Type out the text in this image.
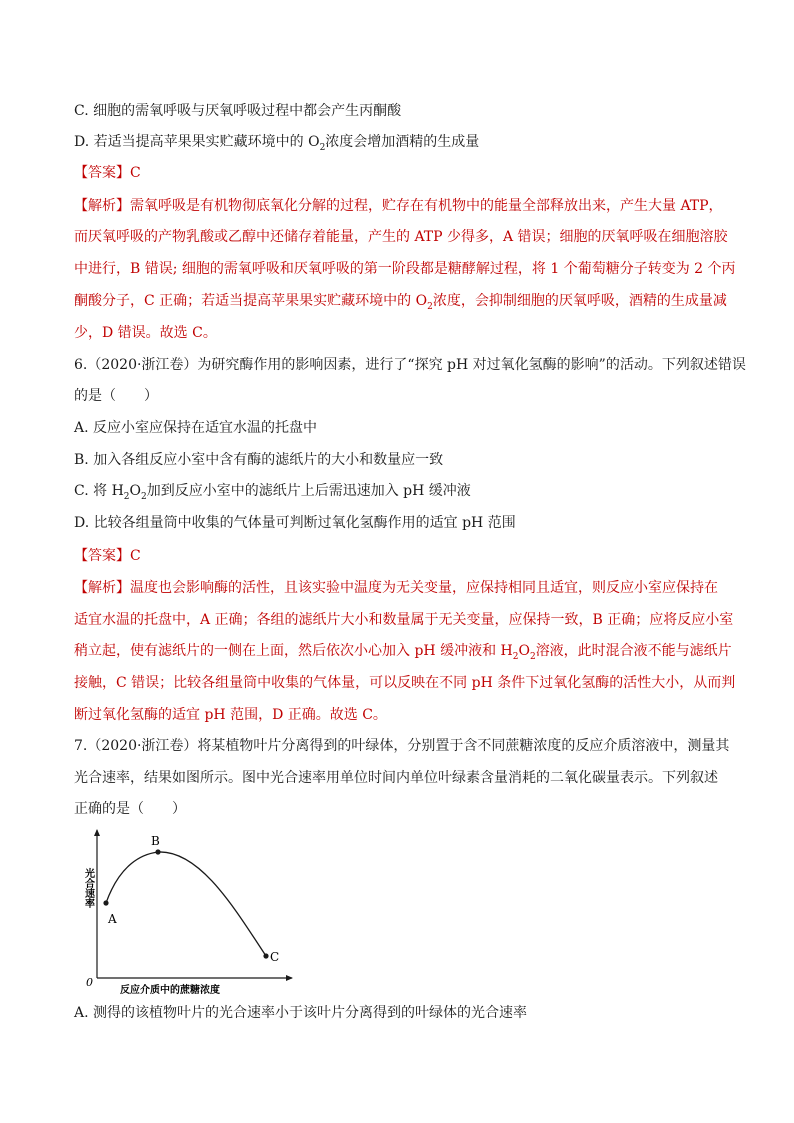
C. 细胞的需氧呼吸与厌氧呼吸过程中都会产生丙酮酸
D. 若适当提高苹果果实贮藏环境中的 $O_2$浓度会增加酒精的生成量
【答案】C
【解析】需氧呼吸是有机物彻底氧化分解的过程，贮存在有机物中的能量全部释放出来，产生大量 ATP，
而厌氧呼吸的产物乳酸或乙醇中还储存着能量，产生的 ATP 少得多，A 错误；细胞的厌氧呼吸在细胞溶胶
中进行，B 错误; 细胞的需氧呼吸和厌氧呼吸的第一阶段都是糖酵解过程，将 1 个葡萄糖分子转变为 2 个丙
酮酸分子，C 正确；若适当提高苹果果实贮藏环境中的 $O_2$浓度，会抑制细胞的厌氧呼吸，酒精的生成量减
少，D 错误。故选 C。
6.（2020·浙江卷）为研究酶作用的影响因素，进行了“探究 pH 对过氧化氢酶的影响”的活动。下列叙述错误
的是（　　）
A. 反应小室应保持在适宜水温的托盘中
B. 加入各组反应小室中含有酶的滤纸片的大小和数量应一致
C. 将 $H_2O_2$加到反应小室中的滤纸片上后需迅速加入 pH 缓冲液
D. 比较各组量筒中收集的气体量可判断过氧化氢酶作用的适宜 pH 范围
【答案】C
【解析】温度也会影响酶的活性，且该实验中温度为无关变量，应保持相同且适宜，则反应小室应保持在
适宜水温的托盘中，A 正确；各组的滤纸片大小和数量属于无关变量，应保持一致，B 正确；应将反应小室
稍立起，使有滤纸片的一侧在上面，然后依次小心加入 pH 缓冲液和 $H_2O_2$溶液，此时混合液不能与滤纸片
接触，C 错误；比较各组量筒中收集的气体量，可以反映在不同 pH 条件下过氧化氢酶的活性大小，从而判
断过氧化氢酶的适宜 pH 范围，D 正确。故选 C。
7.（2020·浙江卷）将某植物叶片分离得到的叶绿体，分别置于含不同蔗糖浓度的反应介质溶液中，测量其
光合速率，结果如图所示。图中光合速率用单位时间内单位叶绿素含量消耗的二氧化碳量表示。下列叙述
正确的是（　　）
A
B
C
0
光合速率
反应介质中的蔗糖浓度
A. 测得的该植物叶片的光合速率小于该叶片分离得到的叶绿体的光合速率
